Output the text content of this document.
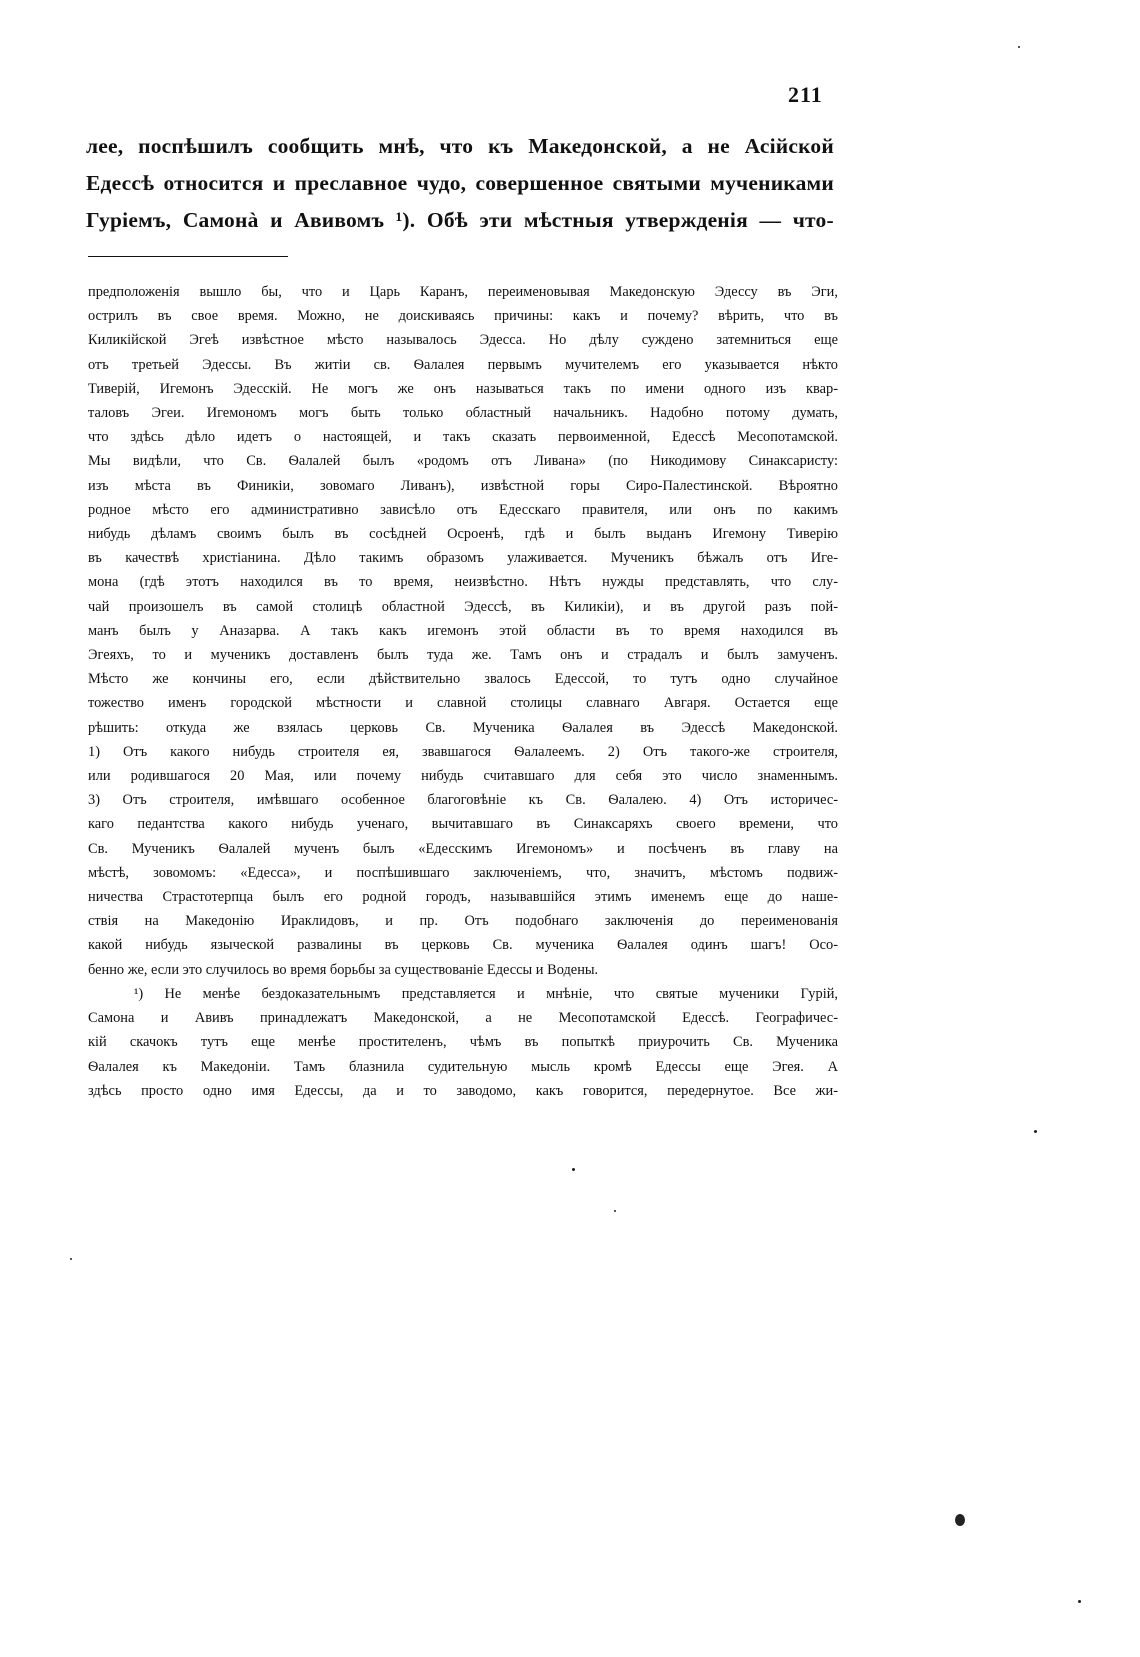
211
лее, поспѣшилъ сообщить мнѣ, что къ Македонской, а не Асійской
Едессѣ относится и преславное чудо, совершенное святыми мучениками
Гуріемъ, Самонà и Авивомъ ¹). Обѣ эти мѣстныя утвержденія — что-
предположенія вышло бы, что и Царь Каранъ, переименовывая Македонскую Эдессу въ Эги,
острилъ въ свое время. Можно, не доискиваясь причины: какъ и почему? вѣрить, что въ
Киликійской Эгеѣ извѣстное мѣсто называлось Эдесса. Но дѣлу суждено затемниться еще
отъ третьей Эдессы. Въ житіи св. Ѳалалея первымъ мучителемъ его указывается нѣкто
Тиверій, Игемонъ Эдесскій. Не могъ же онъ называться такъ по имени одного изъ квар-
таловъ Эгеи. Игемономъ могъ быть только областный начальникъ. Надобно потому думать,
что здѣсь дѣло идетъ о настоящей, и такъ сказать первоименной, Едессѣ Месопотамской.
Мы видѣли, что Св. Ѳалалей былъ «родомъ отъ Ливана» (по Никодимову Синаксаристу:
изъ мѣста въ Финикіи, зовомаго Ливанъ), извѣстной горы Сиро-Палестинской. Вѣроятно
родное мѣсто его административно зависѣло отъ Едесскаго правителя, или онъ по какимъ
нибудь дѣламъ своимъ былъ въ сосѣдней Осроенѣ, гдѣ и былъ выданъ Игемону Тиверію
въ качествѣ христіанина. Дѣло такимъ образомъ улаживается. Мученикъ бѣжалъ отъ Иге-
мона (гдѣ этотъ находился въ то время, неизвѣстно. Нѣтъ нужды представлять, что слу-
чай произошелъ въ самой столицѣ областной Эдессѣ, въ Киликіи), и въ другой разъ пой-
манъ былъ у Аназарва. А такъ какъ игемонъ этой области въ то время находился въ
Эгеяхъ, то и мученикъ доставленъ былъ туда же. Тамъ онъ и страдалъ и былъ замученъ.
Мѣсто же кончины его, если дѣйствительно звалось Едессой, то тутъ одно случайное
тожество именъ городской мѣстности и славной столицы славнаго Авгаря. Остается еще
рѣшить: откуда же взялась церковь Св. Мученика Ѳалалея въ Эдессѣ Македонской.
1) Отъ какого нибудь строителя ея, звавшагося Ѳалалеемъ. 2) Отъ такого-же строителя,
или родившагося 20 Мая, или почему нибудь считавшаго для себя это число знаменнымъ.
3) Отъ строителя, имѣвшаго особенное благоговѣніе къ Св. Ѳалалею. 4) Отъ историчес-
каго педантства какого нибудь ученаго, вычитавшаго въ Синаксаряхъ своего времени, что
Св. Мученикъ Ѳалалей мученъ былъ «Едесскимъ Игемономъ» и посѣченъ въ главу на
мѣстѣ, зовомомъ: «Едесса», и поспѣшившаго заключеніемъ, что, значитъ, мѣстомъ подвиж-
ничества Страстотерпца былъ его родной городъ, называвшійся этимъ именемъ еще до наше-
ствія на Македонію Ираклидовъ, и пр. Отъ подобнаго заключенія до переименованія
какой нибудь языческой развалины въ церковь Св. мученика Ѳалалея одинъ шагъ! Осо-
бенно же, если это случилось во время борьбы за существованіе Едессы и Водены.
¹) Не менѣе бездоказательнымъ представляется и мнѣніе, что святые мученики Гурій,
Самона и Авивъ принадлежатъ Македонской, а не Месопотамской Едессѣ. Географичес-
кій скачокъ тутъ еще менѣе простителенъ, чѣмъ въ попыткѣ приурочить Св. Мученика
Ѳалалея къ Македоніи. Тамъ блазнила судительную мысль кромѣ Едессы еще Эгея. А
здѣсь просто одно имя Едессы, да и то заводомо, какъ говорится, передернутое. Все жи-
